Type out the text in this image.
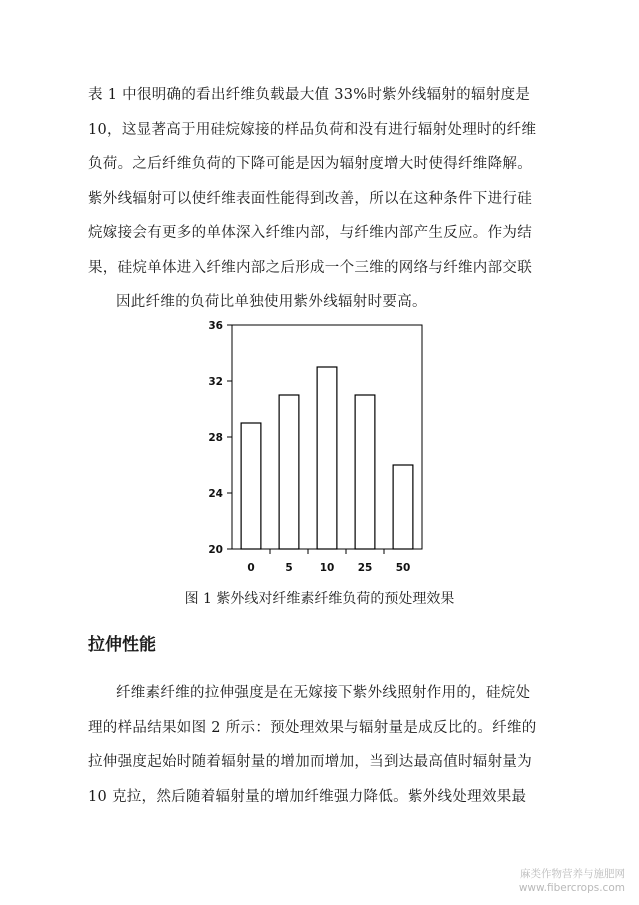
表 1 中很明确的看出纤维负载最大值 33%时紫外线辐射的辐射度是

10，这显著高于用硅烷嫁接的样品负荷和没有进行辐射处理时的纤维

负荷。之后纤维负荷的下降可能是因为辐射度增大时使得纤维降解。

紫外线辐射可以使纤维表面性能得到改善，所以在这种条件下进行硅

烷嫁接会有更多的单体深入纤维内部，与纤维内部产生反应。作为结

果，硅烷单体进入纤维内部之后形成一个三维的网络与纤维内部交联

因此纤维的负荷比单独使用紫外线辐射时要高。

20
24
28
32
36
0	5	10 25 50

图 1 紫外线对纤维素纤维负荷的预处理效果

拉伸性能

纤维素纤维的拉伸强度是在无嫁接下紫外线照射作用的，硅烷处

理的样品结果如图 2 所示：预处理效果与辐射量是成反比的。纤维的

拉伸强度起始时随着辐射量的增加而增加，当到达最高值时辐射量为

10 克拉，然后随着辐射量的增加纤维强力降低。紫外线处理效果最

麻类作物营养与施肥网
www.fibercrops.com
